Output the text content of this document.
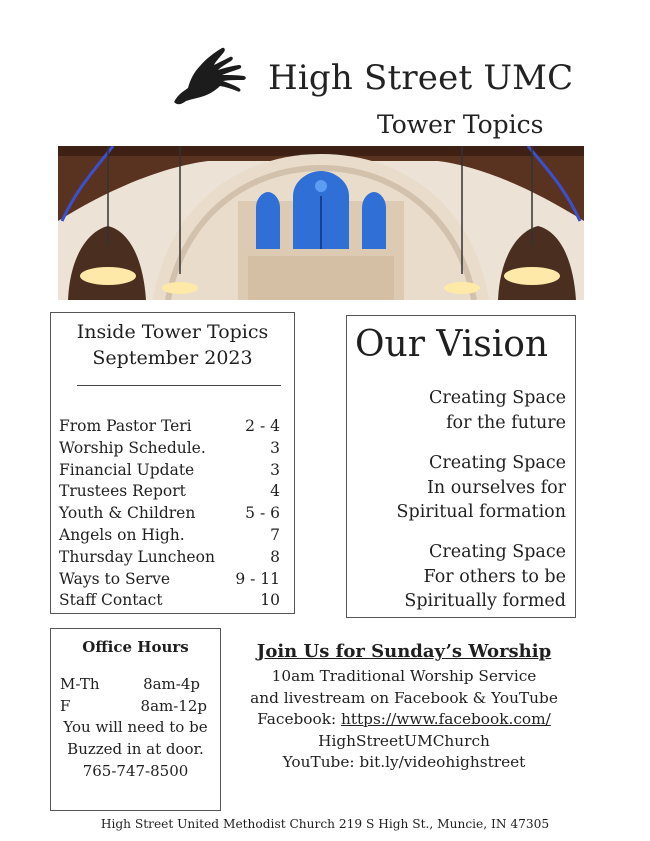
High Street UMC
Tower Topics
Inside Tower Topics
September 2023
From Pastor Teri	2 - 4
Worship Schedule.	3
Financial Update	3
Trustees Report	4
Youth & Children	5 - 6
Angels on High.	7
Thursday Luncheon	8
Ways to Serve	9 - 11
Staff Contact	10
Our Vision
Creating Space
for the future
Creating Space
In ourselves for
Spiritual formation
Creating Space
For others to be
Spiritually formed
Office Hours
M-Th	8am-4p
F	8am-12p
You will need to be
Buzzed in at door.
765-747-8500
Join Us for Sunday’s Worship
10am Traditional Worship Service
and livestream on Facebook & YouTube
Facebook: https://www.facebook.com/
HighStreetUMChurch
YouTube: bit.ly/videohighstreet
High Street United Methodist Church 219 S High St., Muncie, IN 47305
